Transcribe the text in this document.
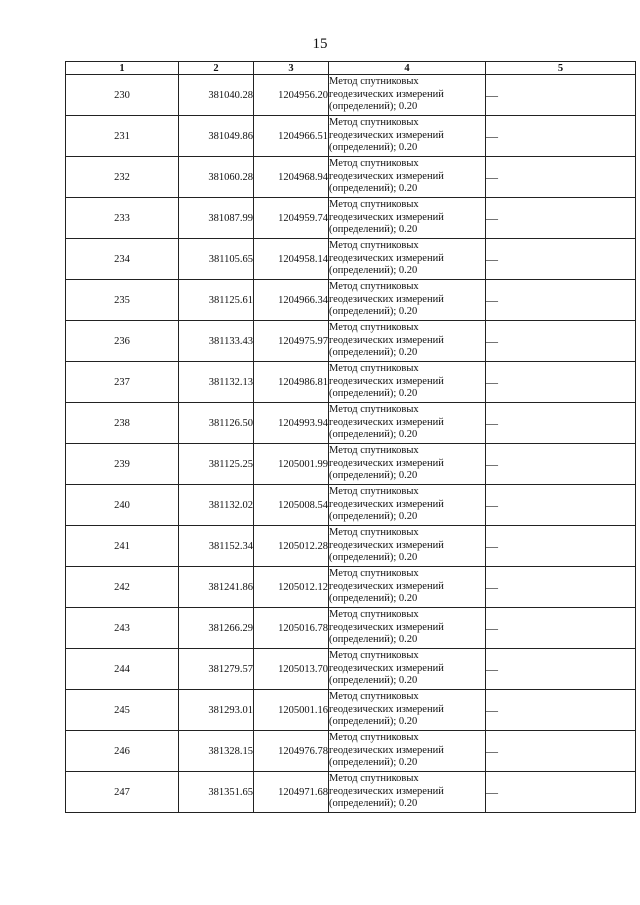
15
1	2	3	4	5
230	381040.28	1204956.20	Метод спутниковых
геодезических измерений
(определений); 0.20	—
231	381049.86	1204966.51	Метод спутниковых
геодезических измерений
(определений); 0.20	—
232	381060.28	1204968.94	Метод спутниковых
геодезических измерений
(определений); 0.20	—
233	381087.99	1204959.74	Метод спутниковых
геодезических измерений
(определений); 0.20	—
234	381105.65	1204958.14	Метод спутниковых
геодезических измерений
(определений); 0.20	—
235	381125.61	1204966.34	Метод спутниковых
геодезических измерений
(определений); 0.20	—
236	381133.43	1204975.97	Метод спутниковых
геодезических измерений
(определений); 0.20	—
237	381132.13	1204986.81	Метод спутниковых
геодезических измерений
(определений); 0.20	—
238	381126.50	1204993.94	Метод спутниковых
геодезических измерений
(определений); 0.20	—
239	381125.25	1205001.99	Метод спутниковых
геодезических измерений
(определений); 0.20	—
240	381132.02	1205008.54	Метод спутниковых
геодезических измерений
(определений); 0.20	—
241	381152.34	1205012.28	Метод спутниковых
геодезических измерений
(определений); 0.20	—
242	381241.86	1205012.12	Метод спутниковых
геодезических измерений
(определений); 0.20	—
243	381266.29	1205016.78	Метод спутниковых
геодезических измерений
(определений); 0.20	—
244	381279.57	1205013.70	Метод спутниковых
геодезических измерений
(определений); 0.20	—
245	381293.01	1205001.16	Метод спутниковых
геодезических измерений
(определений); 0.20	—
246	381328.15	1204976.78	Метод спутниковых
геодезических измерений
(определений); 0.20	—
247	381351.65	1204971.68	Метод спутниковых
геодезических измерений
(определений); 0.20	—
